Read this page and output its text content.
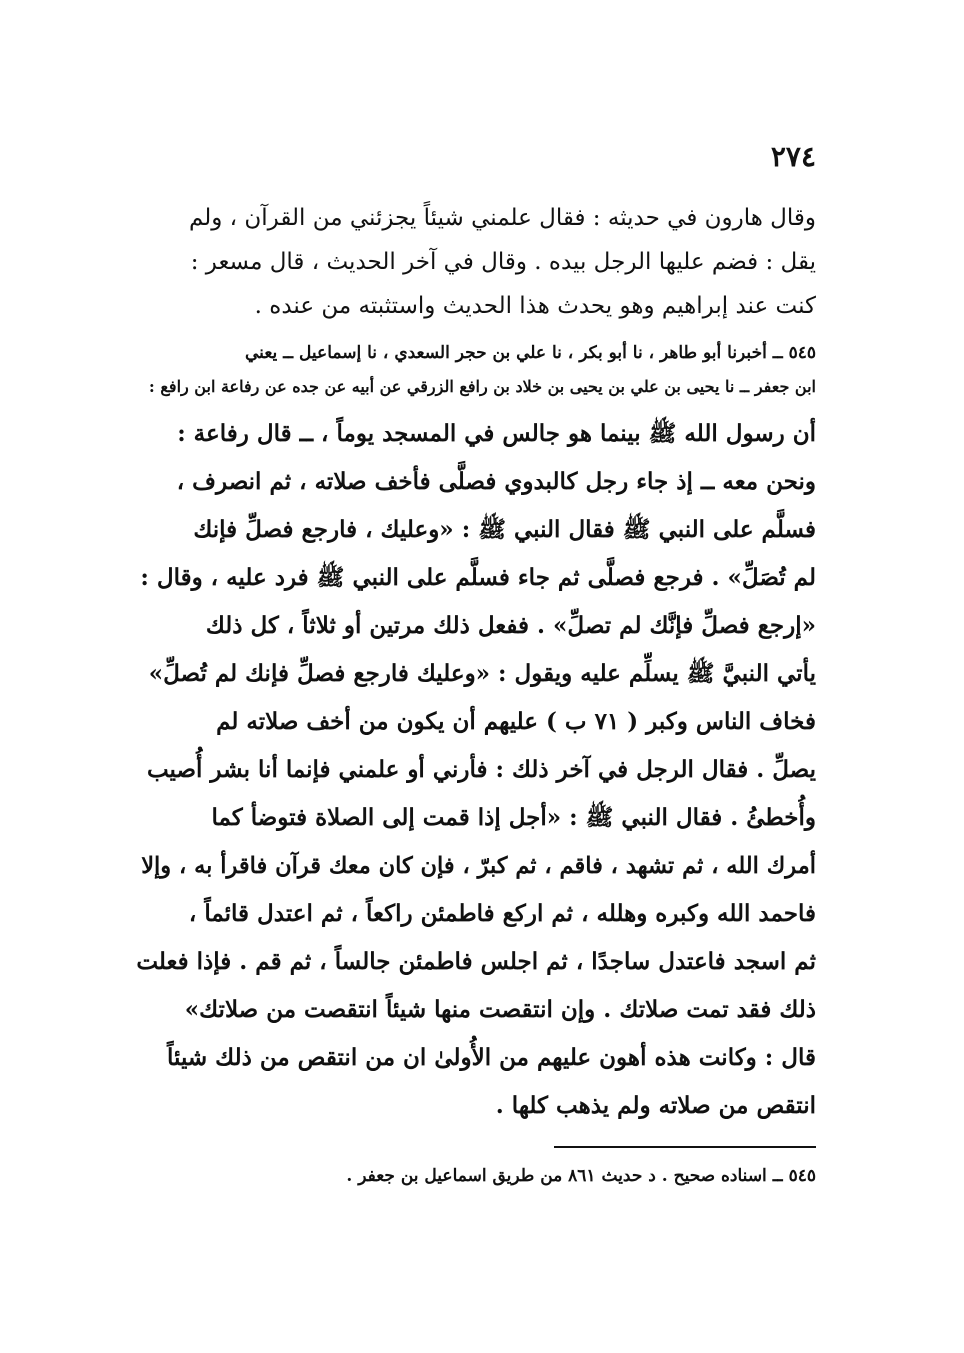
٢٧٤
وقال هارون في حديثه : فقال علمني شيئاً يجزئني من القرآن ، ولم
يقل : فضم عليها الرجل بيده . وقال في آخر الحديث ، قال مسعر :
كنت عند إبراهيم وهو يحدث هذا الحديث واستثبته من عنده .
٥٤٥ ــ أخبرنا أبو طاهر ، نا أبو بكر ، نا علي بن حجر السعدي ، نا إسماعيل ــ يعني
ابن جعفر ــ نا يحيى بن علي بن يحيى بن خلاد بن رافع الزرقي عن أبيه عن جده عن رفاعة ابن رافع :
أن رسول الله ﷺ بينما هو جالس في المسجد يوماً ، ــ قال رفاعة :
ونحن معه ــ إذ جاء رجل كالبدوي فصلَّى فأخف صلاته ، ثم انصرف ،
فسلَّم على النبي ﷺ فقال النبي ﷺ : «وعليك ، فارجع فصلِّ فإنك
لم تُصَلِّ» . فرجع فصلَّى ثم جاء فسلَّم على النبي ﷺ فرد عليه ، وقال :
«إرجع فصلِّ فإنَّك لم تصلِّ» . ففعل ذلك مرتين أو ثلاثاً ، كل ذلك
يأتي النبيَّ ﷺ يسلِّم عليه ويقول : «وعليك فارجع فصلِّ فإنك لم تُصلِّ»
فخاف الناس وكبر ( ٧١ ب ) عليهم أن يكون من أخف صلاته لم
يصلِّ . فقال الرجل في آخر ذلك : فأرني أو علمني فإنما أنا بشر أُصيب
وأُخطئُ . فقال النبي ﷺ : «أجل إذا قمت إلى الصلاة فتوضأ كما
أمرك الله ، ثم تشهد ، فاقم ، ثم كبرّ ، فإن كان معك قرآن فاقرأ به ، وإلا
فاحمد الله وكبره وهلله ، ثم اركع فاطمئن راكعاً ، ثم اعتدل قائماً ،
ثم اسجد فاعتدل ساجدًا ، ثم اجلس فاطمئن جالساً ، ثم قم . فإذا فعلت
ذلك فقد تمت صلاتك . وإن انتقصت منها شيئاً انتقصت من صلاتك»
قال : وكانت هذه أهون عليهم من الأُولىٰ ان من انتقص من ذلك شيئاً
انتقص من صلاته ولم يذهب كلها .
٥٤٥ ــ اسناده صحيح . د حديث ٨٦١ من طريق اسماعيل بن جعفر .
